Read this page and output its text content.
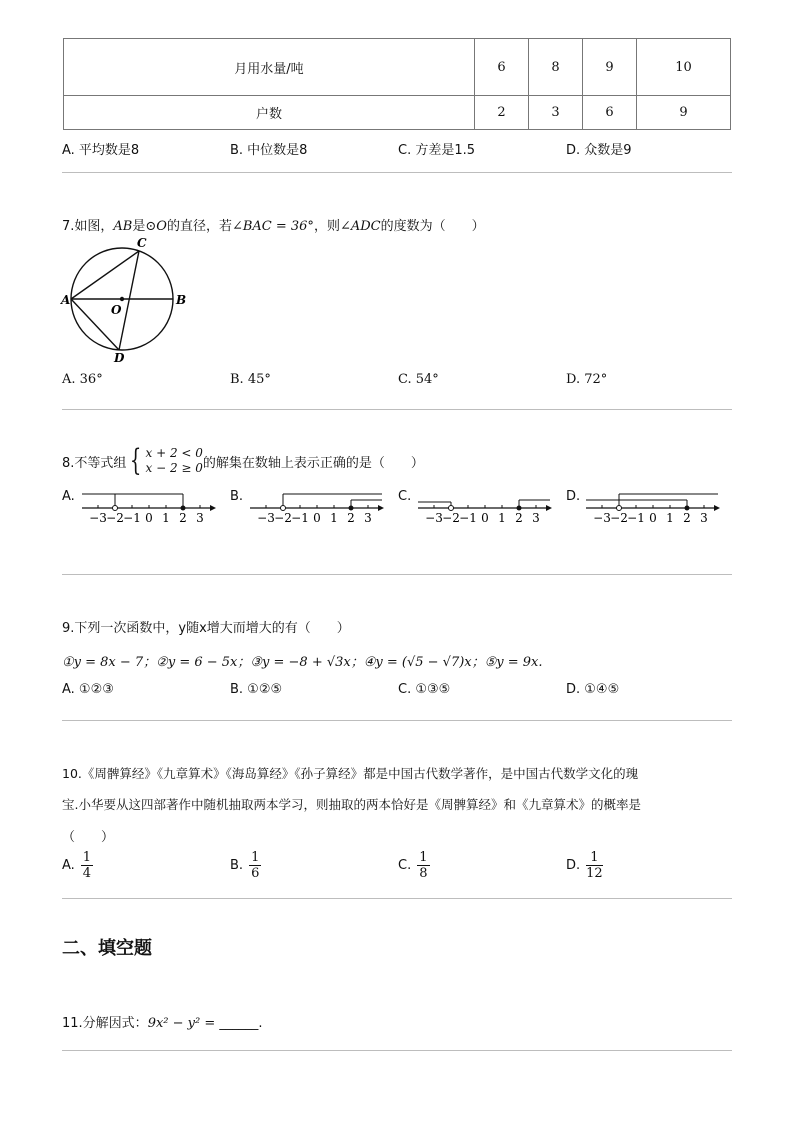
月用水量/吨	6	8	9	10
户数	2	3	6	9
A. 平均数是8	B. 中位数是8	C. 方差是1.5	D. 众数是9
7.如图，AB是⊙O的直径，若∠BAC = 36°，则∠ADC的度数为（　　）
A	B
C
D
O
A. 36°	B. 45°	C. 54°	D. 72°
8.不等式组 { x + 2 < 0
x − 2 ≥ 0 的解集在数轴上表示正确的是（　　）
A.	B.	C.	D.
−3 −2 −1 0 1 2 3	−3 −2 −1 0 1 2 3	−3 −2 −1 0 1 2 3	−3 −2 −1 0 1 2 3
9.下列一次函数中，y随x增大而增大的有（　　）
①y = 8x − 7；②y = 6 − 5x；③y = −8 + √3x；④y = (√5 − √7)x；⑤y = 9x.
A. ①②③	B. ①②⑤	C. ①③⑤	D. ①④⑤
10.《周髀算经》《九章算术》《海岛算经》《孙子算经》都是中国古代数学著作，是中国古代数学文化的瑰
宝.小华要从这四部著作中随机抽取两本学习，则抽取的两本恰好是《周髀算经》和《九章算术》的概率是
（　　）
A. $\frac{1}{4}$	B. $\frac{1}{6}$	C. $\frac{1}{8}$	D. $\frac{1}{12}$
二、填空题
11.分解因式：9x² − y² = ______.
